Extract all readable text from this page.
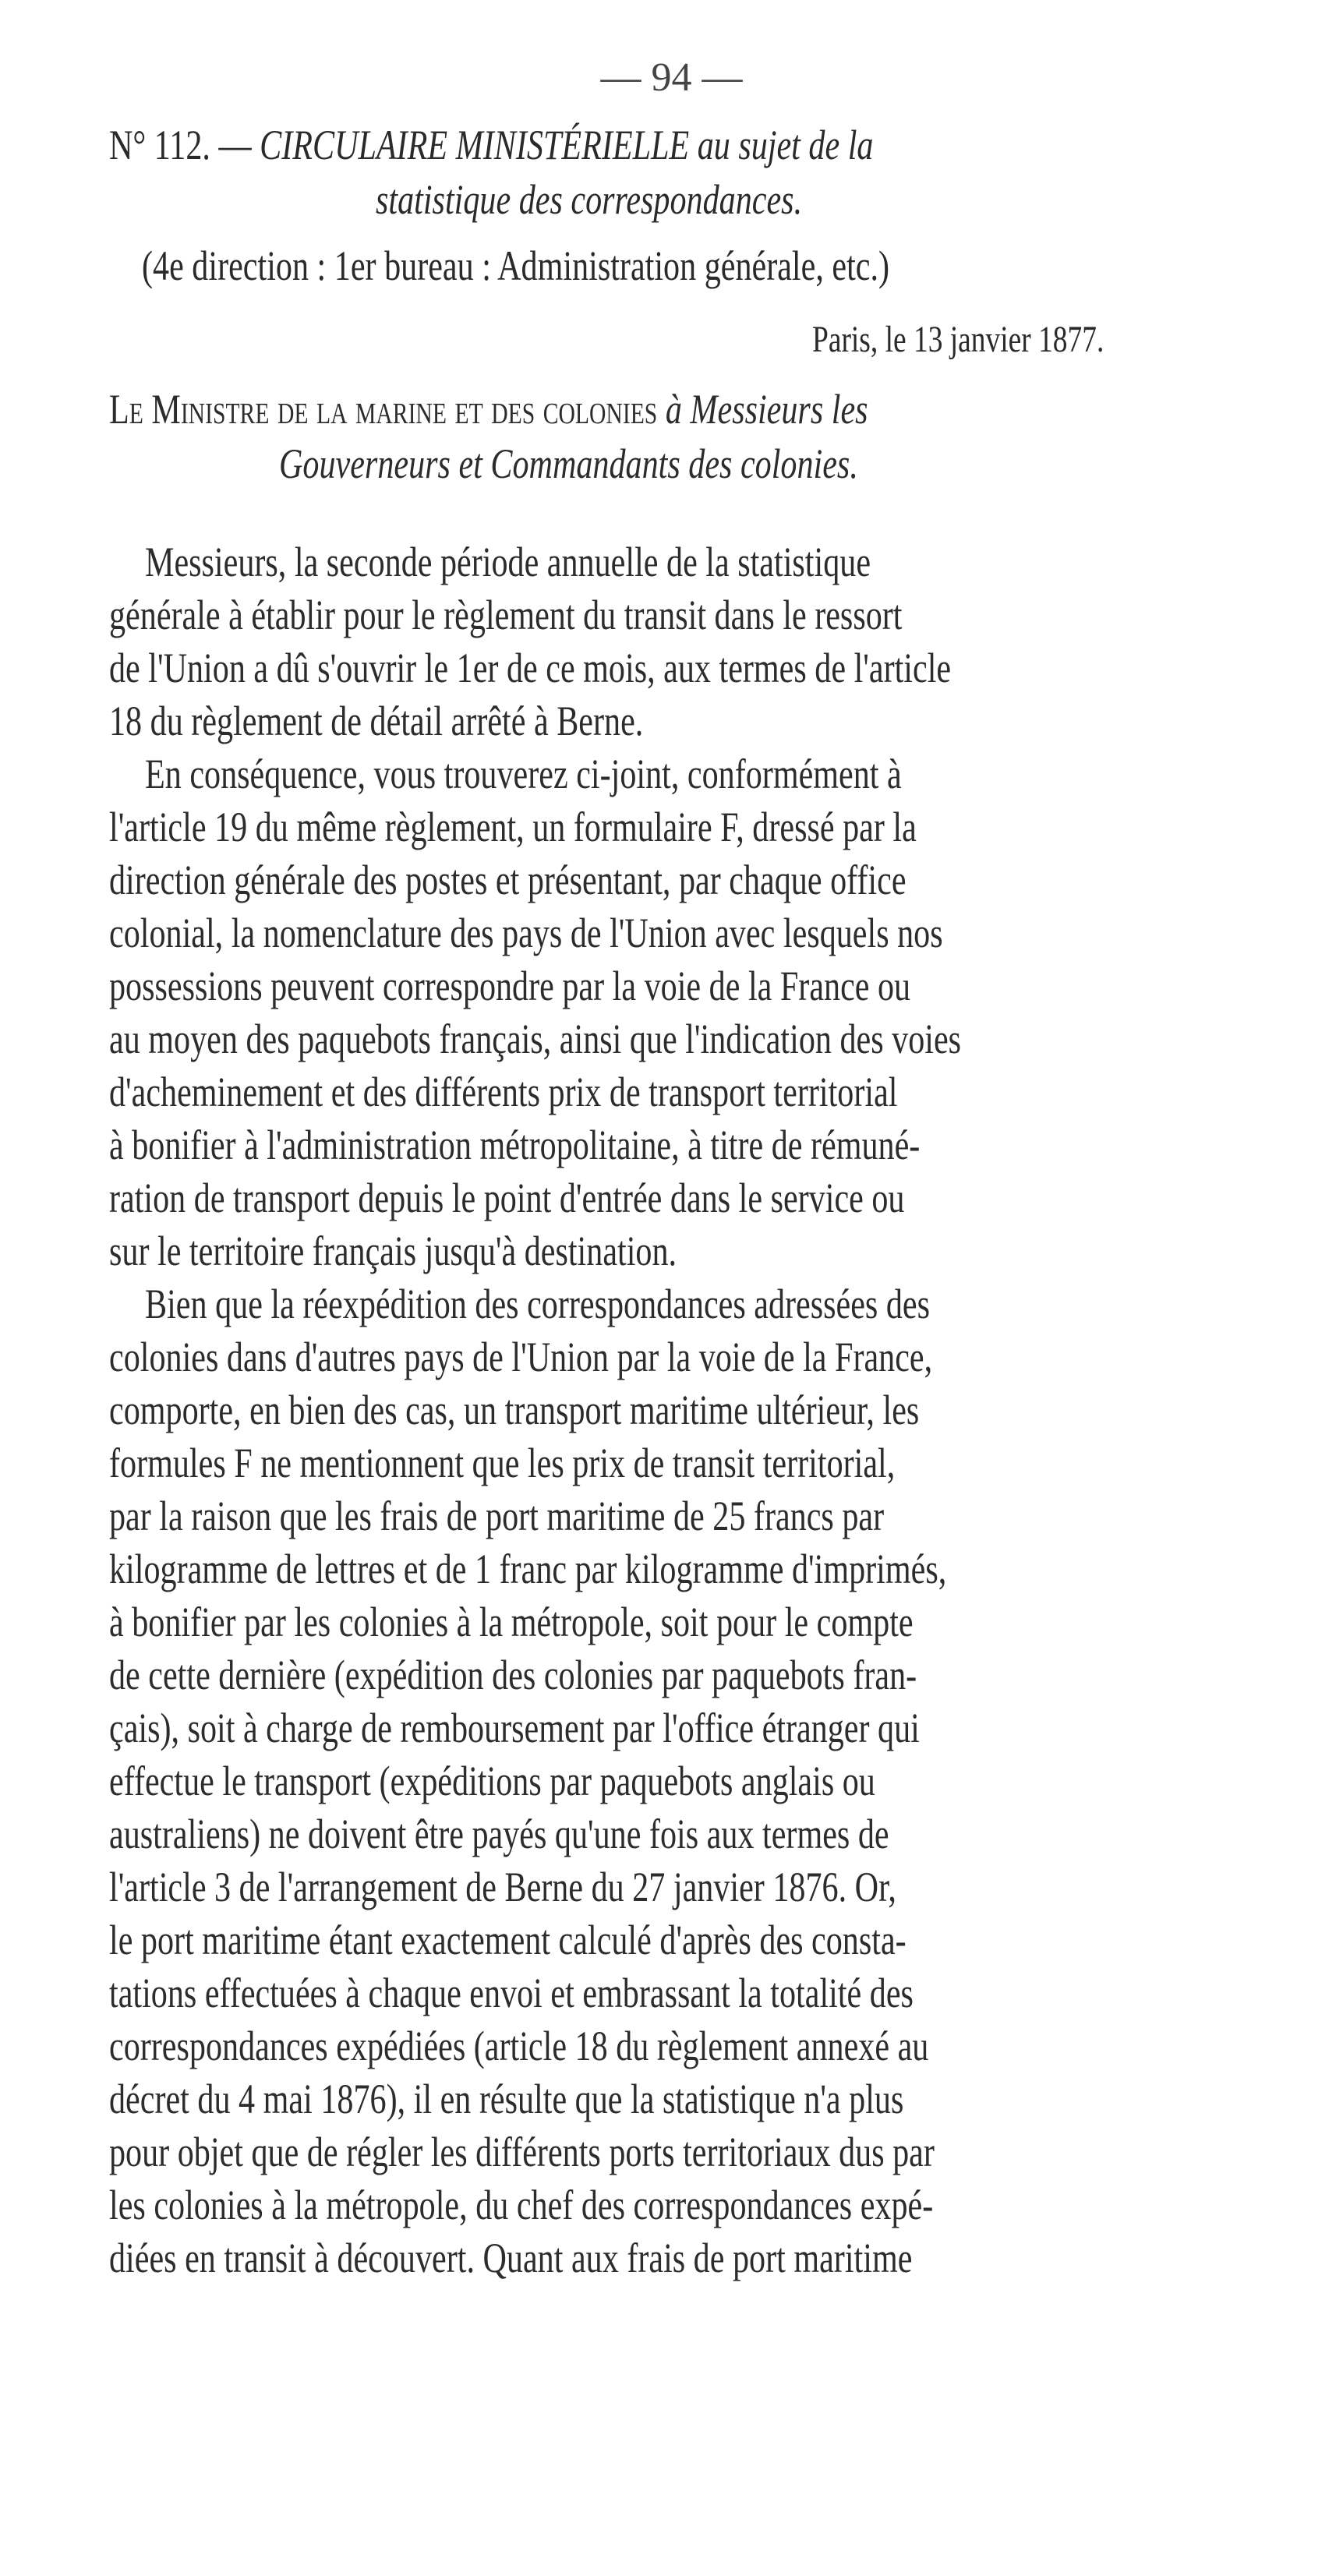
— 94 —
N° 112. — CIRCULAIRE MINISTÉRIELLE au sujet de la
statistique des correspondances.
(4e direction : 1er bureau : Administration générale, etc.)
Paris, le 13 janvier 1877.
Le Ministre de la marine et des colonies à Messieurs les
Gouverneurs et Commandants des colonies.
Messieurs, la seconde période annuelle de la statistique
générale à établir pour le règlement du transit dans le ressort
de l'Union a dû s'ouvrir le 1er de ce mois, aux termes de l'article
18 du règlement de détail arrêté à Berne.
En conséquence, vous trouverez ci-joint, conformément à
l'article 19 du même règlement, un formulaire F, dressé par la
direction générale des postes et présentant, par chaque office
colonial, la nomenclature des pays de l'Union avec lesquels nos
possessions peuvent correspondre par la voie de la France ou
au moyen des paquebots français, ainsi que l'indication des voies
d'acheminement et des différents prix de transport territorial
à bonifier à l'administration métropolitaine, à titre de rémuné-
ration de transport depuis le point d'entrée dans le service ou
sur le territoire français jusqu'à destination.
Bien que la réexpédition des correspondances adressées des
colonies dans d'autres pays de l'Union par la voie de la France,
comporte, en bien des cas, un transport maritime ultérieur, les
formules F ne mentionnent que les prix de transit territorial,
par la raison que les frais de port maritime de 25 francs par
kilogramme de lettres et de 1 franc par kilogramme d'imprimés,
à bonifier par les colonies à la métropole, soit pour le compte
de cette dernière (expédition des colonies par paquebots fran-
çais), soit à charge de remboursement par l'office étranger qui
effectue le transport (expéditions par paquebots anglais ou
australiens) ne doivent être payés qu'une fois aux termes de
l'article 3 de l'arrangement de Berne du 27 janvier 1876. Or,
le port maritime étant exactement calculé d'après des consta-
tations effectuées à chaque envoi et embrassant la totalité des
correspondances expédiées (article 18 du règlement annexé au
décret du 4 mai 1876), il en résulte que la statistique n'a plus
pour objet que de régler les différents ports territoriaux dus par
les colonies à la métropole, du chef des correspondances expé-
diées en transit à découvert. Quant aux frais de port maritime
